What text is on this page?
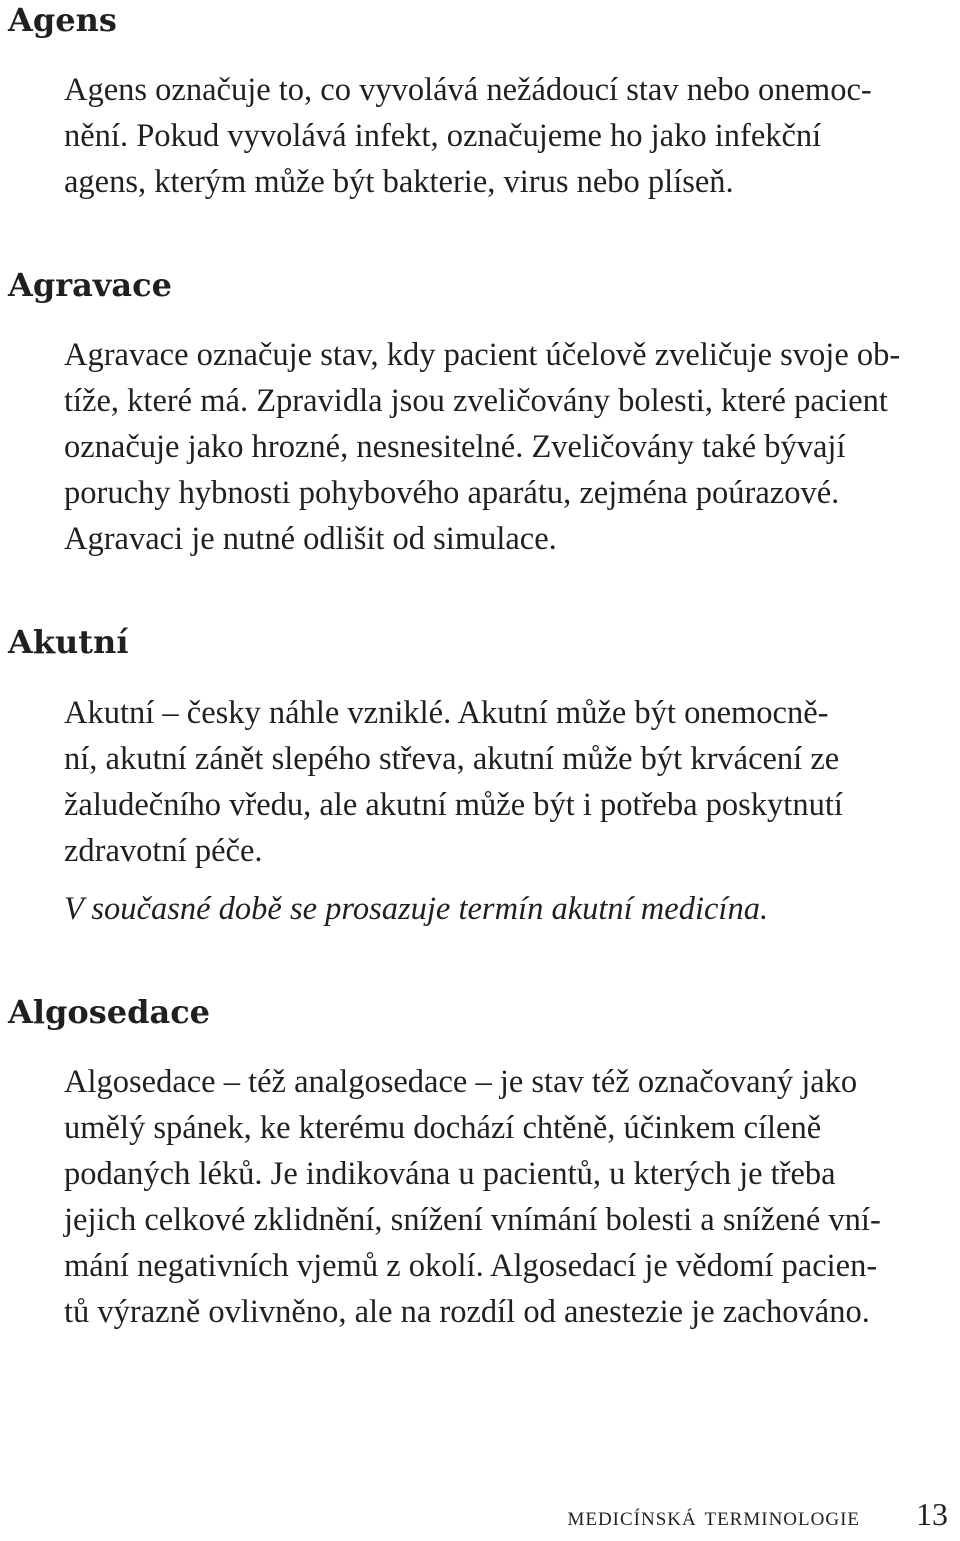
Agens
Agens označuje to, co vyvolává nežádoucí stav nebo onemoc-
nění. Pokud vyvolává infekt, označujeme ho jako infekční
agens, kterým může být bakterie, virus nebo plíseň.
Agravace
Agravace označuje stav, kdy pacient účelově zveličuje svoje ob-
tíže, které má. Zpravidla jsou zveličovány bolesti, které pacient
označuje jako hrozné, nesnesitelné. Zveličovány také bývají
poruchy hybnosti pohybového aparátu, zejména poúrazové.
Agravaci je nutné odlišit od simulace.
Akutní
Akutní – česky náhle vzniklé. Akutní může být onemocně-
ní, akutní zánět slepého střeva, akutní může být krvácení ze
žaludečního vředu, ale akutní může být i potřeba poskytnutí
zdravotní péče.
V současné době se prosazuje termín akutní medicína.
Algosedace
Algosedace – též analgosedace – je stav též označovaný jako
umělý spánek, ke kterému dochází chtěně, účinkem cíleně
podaných léků. Je indikována u pacientů, u kterých je třeba
jejich celkové zklidnění, snížení vnímání bolesti a snížené vní-
mání negativních vjemů z okolí. Algosedací je vědomí pacien-
tů výrazně ovlivněno, ale na rozdíl od anestezie je zachováno.
medicínská terminologie 13
